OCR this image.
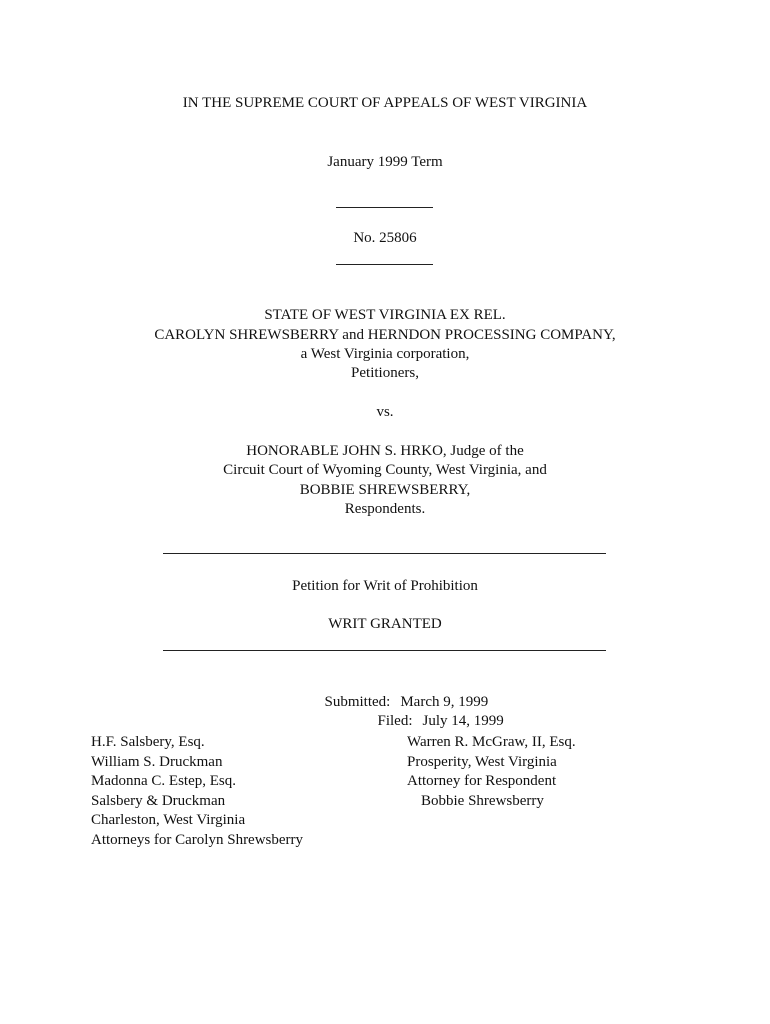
IN THE SUPREME COURT OF APPEALS OF WEST VIRGINIA
January 1999 Term
No. 25806
STATE OF WEST VIRGINIA EX REL.
CAROLYN SHREWSBERRY and HERNDON PROCESSING COMPANY,
a West Virginia corporation,
Petitioners,
vs.
HONORABLE JOHN S. HRKO, Judge of the
Circuit Court of Wyoming County, West Virginia, and
BOBBIE SHREWSBERRY,
Respondents.
Petition for Writ of Prohibition
WRIT GRANTED

Submitted: March 9, 1999

Filed: July 14, 1999

H.F. Salsbery, Esq.
William S. Druckman
Madonna C. Estep, Esq.
Salsbery & Druckman
Charleston, West Virginia
Attorneys for Carolyn Shrewsberry
Warren R. McGraw, II, Esq.
Prosperity, West Virginia
Attorney for Respondent
Bobbie Shrewsberry
